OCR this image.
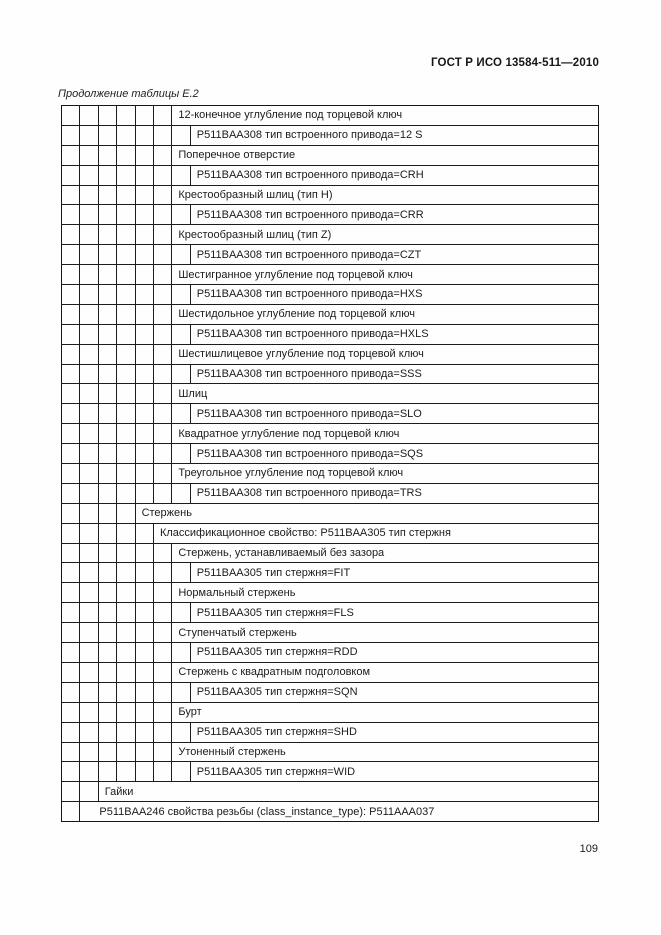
ГОСТ Р ИСО 13584-511—2010
Продолжение таблицы Е.2
12-конечное углубление под торцевой ключ
P511BAA308 тип встроенного привода=12 S
Поперечное отверстие
P511BAA308 тип встроенного привода=CRH
Крестообразный шлиц (тип H)
P511BAA308 тип встроенного привода=CRR
Крестообразный шлиц (тип Z)
P511BAA308 тип встроенного привода=CZT
Шестигранное углубление под торцевой ключ
P511BAA308 тип встроенного привода=HXS
Шестидольное углубление под торцевой ключ
P511BAA308 тип встроенного привода=HXLS
Шестишлицевое углубление под торцевой ключ
P511BAA308 тип встроенного привода=SSS
Шлиц
P511BAA308 тип встроенного привода=SLO
Квадратное углубление под торцевой ключ
P511BAA308 тип встроенного привода=SQS
Треугольное углубление под торцевой ключ
P511BAA308 тип встроенного привода=TRS
Стержень
Классификационное свойство: P511BAA305 тип стержня
Стержень, устанавливаемый без зазора
P511BAA305 тип стержня=FIT
Нормальный стержень
P511BAA305 тип стержня=FLS
Ступенчатый стержень
P511BAA305 тип стержня=RDD
Стержень с квадратным подголовком
P511BAA305 тип стержня=SQN
Бурт
P511BAA305 тип стержня=SHD
Утоненный стержень
P511BAA305 тип стержня=WID
Гайки
P511BAA246 свойства резьбы (class_instance_type): P511AAA037
109
